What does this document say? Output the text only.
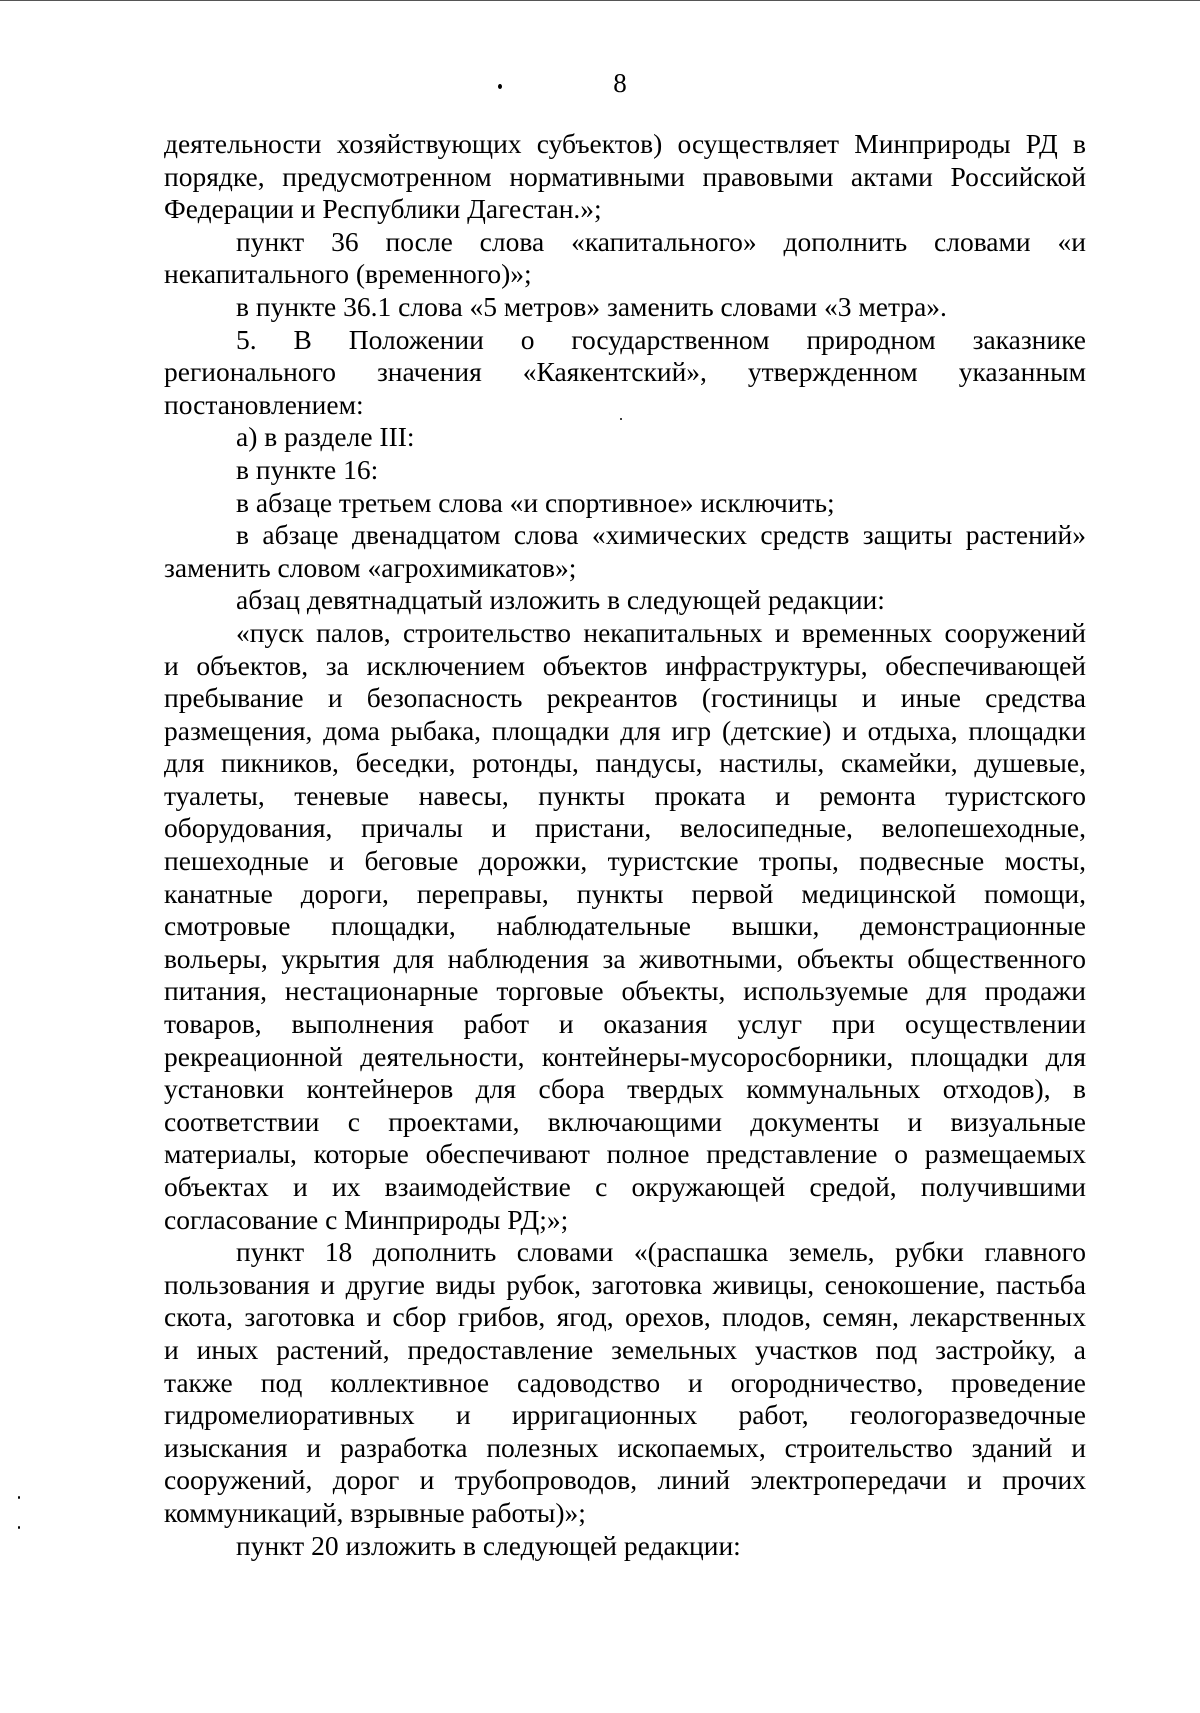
8
деятельности хозяйствующих субъектов) осуществляет Минприроды РД в
порядке, предусмотренном нормативными правовыми актами Российской
Федерации и Республики Дагестан.»;
пункт 36 после слова «капитального» дополнить словами «и
некапитального (временного)»;
в пункте 36.1 слова «5 метров» заменить словами «3 метра».
5. В Положении о государственном природном заказнике
регионального значения «Каякентский», утвержденном указанным
постановлением:
а) в разделе III:
в пункте 16:
в абзаце третьем слова «и спортивное» исключить;
в абзаце двенадцатом слова «химических средств защиты растений»
заменить словом «агрохимикатов»;
абзац девятнадцатый изложить в следующей редакции:
«пуск палов, строительство некапитальных и временных сооружений
и объектов, за исключением объектов инфраструктуры, обеспечивающей
пребывание и безопасность рекреантов (гостиницы и иные средства
размещения, дома рыбака, площадки для игр (детские) и отдыха, площадки
для пикников, беседки, ротонды, пандусы, настилы, скамейки, душевые,
туалеты, теневые навесы, пункты проката и ремонта туристского
оборудования, причалы и пристани, велосипедные, велопешеходные,
пешеходные и беговые дорожки, туристские тропы, подвесные мосты,
канатные дороги, переправы, пункты первой медицинской помощи,
смотровые площадки, наблюдательные вышки, демонстрационные
вольеры, укрытия для наблюдения за животными, объекты общественного
питания, нестационарные торговые объекты, используемые для продажи
товаров, выполнения работ и оказания услуг при осуществлении
рекреационной деятельности, контейнеры-мусоросборники, площадки для
установки контейнеров для сбора твердых коммунальных отходов), в
соответствии с проектами, включающими документы и визуальные
материалы, которые обеспечивают полное представление о размещаемых
объектах и их взаимодействие с окружающей средой, получившими
согласование с Минприроды РД;»;
пункт 18 дополнить словами «(распашка земель, рубки главного
пользования и другие виды рубок, заготовка живицы, сенокошение, пастьба
скота, заготовка и сбор грибов, ягод, орехов, плодов, семян, лекарственных
и иных растений, предоставление земельных участков под застройку, а
также под коллективное садоводство и огородничество, проведение
гидромелиоративных и ирригационных работ, геологоразведочные
изыскания и разработка полезных ископаемых, строительство зданий и
сооружений, дорог и трубопроводов, линий электропередачи и прочих
коммуникаций, взрывные работы)»;
пункт 20 изложить в следующей редакции:
